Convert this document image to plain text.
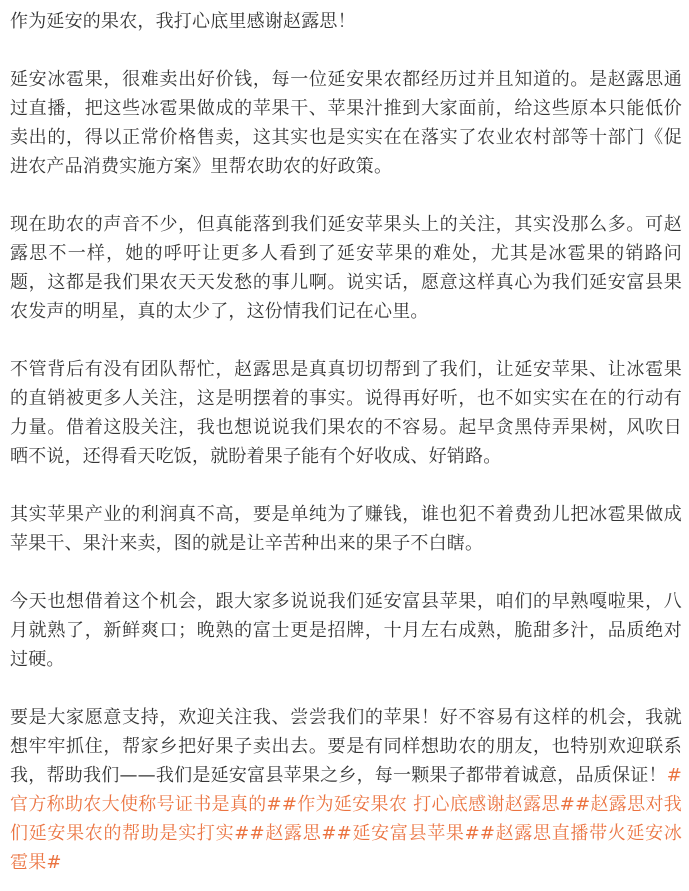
作为延安的果农，我打心底里感谢赵露思！

延安冰雹果，很难卖出好价钱，每一位延安果农都经历过并且知道的。是赵露思通过直播，把这些冰雹果做成的苹果干、苹果汁推到大家面前，给这些原本只能低价卖出的，得以正常价格售卖，这其实也是实实在在落实了农业农村部等十部门《促进农产品消费实施方案》里帮农助农的好政策。

现在助农的声音不少，但真能落到我们延安苹果头上的关注，其实没那么多。可赵露思不一样，她的呼吁让更多人看到了延安苹果的难处，尤其是冰雹果的销路问题，这都是我们果农天天发愁的事儿啊。说实话，愿意这样真心为我们延安富县果农发声的明星，真的太少了，这份情我们记在心里。

不管背后有没有团队帮忙，赵露思是真真切切帮到了我们，让延安苹果、让冰雹果的直销被更多人关注，这是明摆着的事实。说得再好听，也不如实实在在的行动有力量。借着这股关注，我也想说说我们果农的不容易。起早贪黑侍弄果树，风吹日晒不说，还得看天吃饭，就盼着果子能有个好收成、好销路。

其实苹果产业的利润真不高，要是单纯为了赚钱，谁也犯不着费劲儿把冰雹果做成苹果干、果汁来卖，图的就是让辛苦种出来的果子不白瞎。

今天也想借着这个机会，跟大家多说说我们延安富县苹果，咱们的早熟嘎啦果，八月就熟了，新鲜爽口；晚熟的富士更是招牌，十月左右成熟，脆甜多汁，品质绝对过硬。

要是大家愿意支持，欢迎关注我、尝尝我们的苹果！好不容易有这样的机会，我就想牢牢抓住，帮家乡把好果子卖出去。要是有同样想助农的朋友，也特别欢迎联系我，帮助我们——我们是延安富县苹果之乡，每一颗果子都带着诚意，品质保证！#官方称助农大使称号证书是真的##作为延安果农 打心底感谢赵露思##赵露思对我们延安果农的帮助是实打实##赵露思##延安富县苹果##赵露思直播带火延安冰雹果#
